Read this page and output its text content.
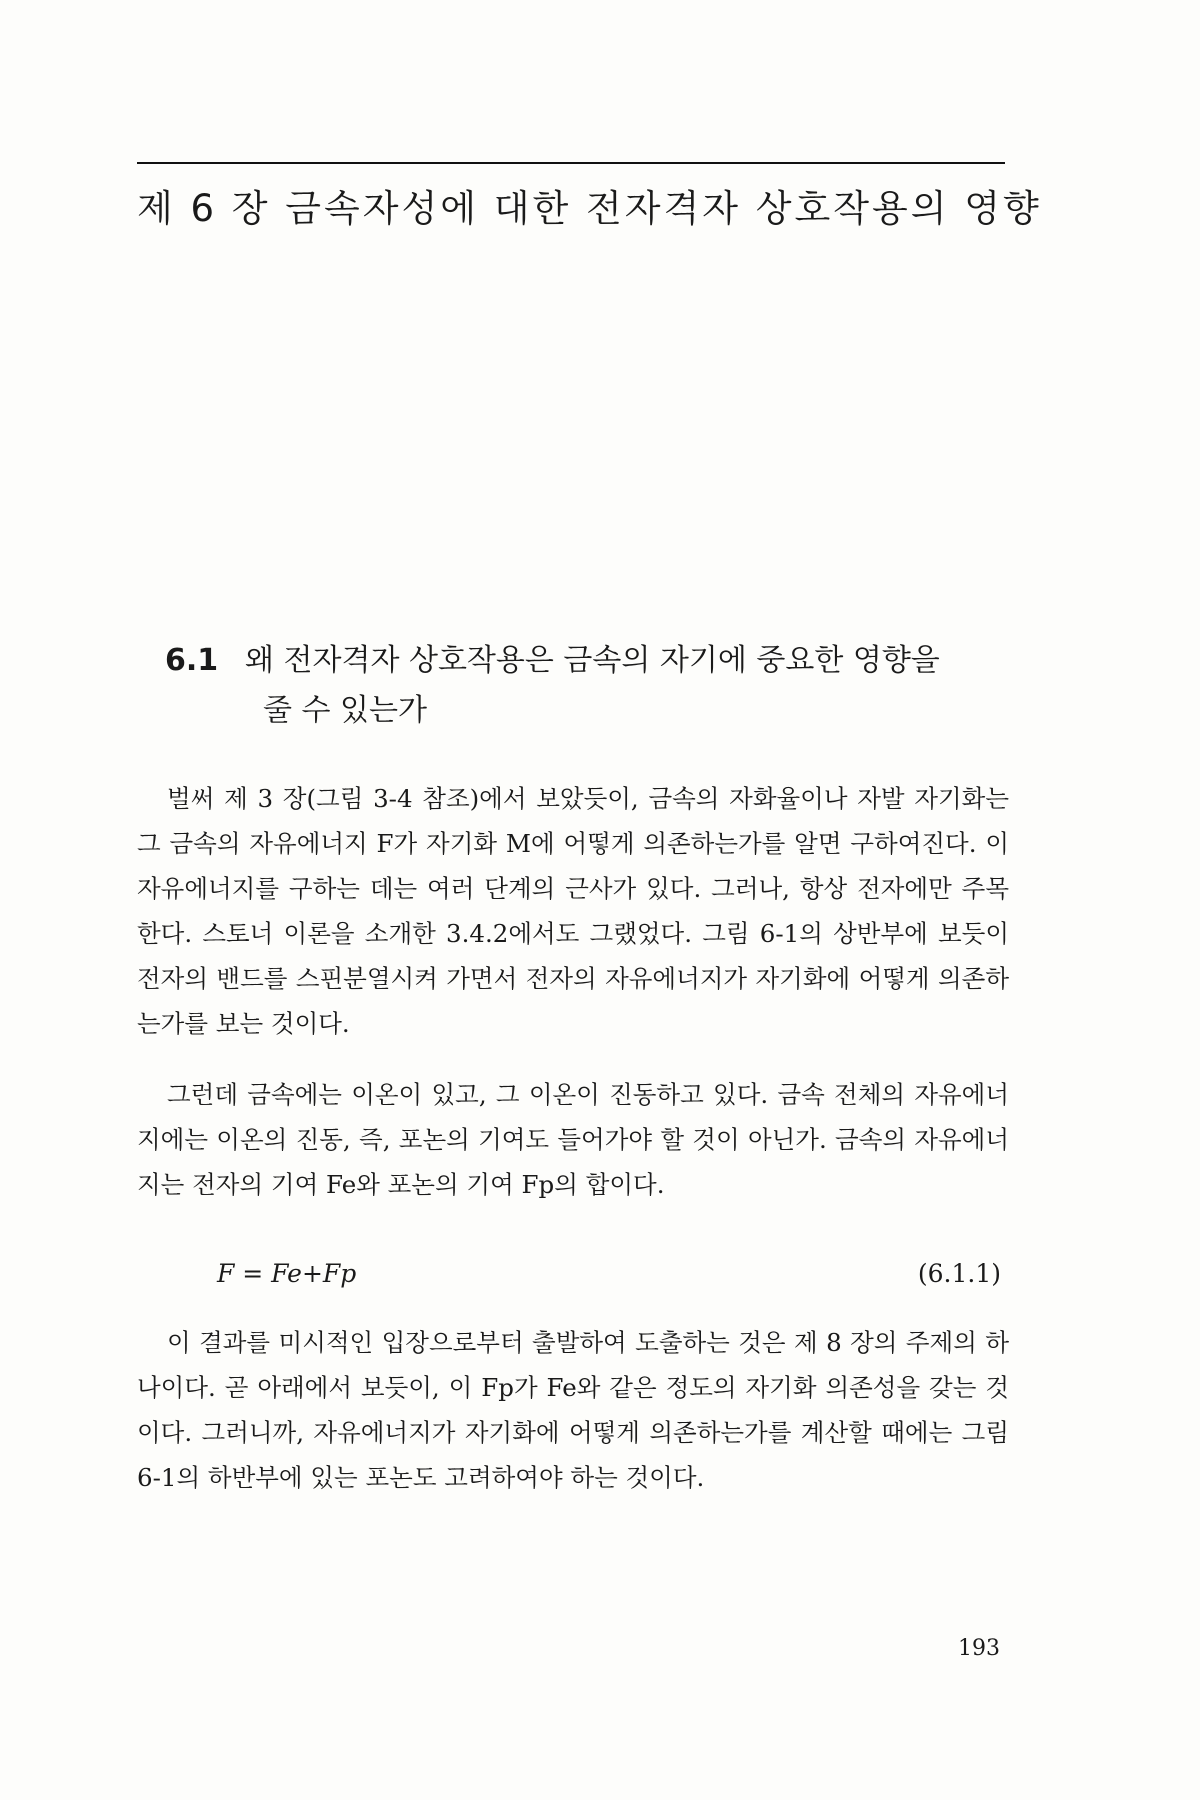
제 6 장 금속자성에 대한 전자격자 상호작용의 영향
6.1 왜 전자격자 상호작용은 금속의 자기에 중요한 영향을
줄 수 있는가

벌써 제 3 장(그림 3-4 참조)에서 보았듯이, 금속의 자화율이나 자발 자기화는 그 금속의 자유에너지 F가 자기화 M에 어떻게 의존하는가를 알면 구하여진다. 이 자유에너지를 구하는 데는 여러 단계의 근사가 있다. 그러나, 항상 전자에만 주목한다. 스토너 이론을 소개한 3.4.2에서도 그랬었다. 그림 6-1의 상반부에 보듯이 전자의 밴드를 스핀분열시켜 가면서 전자의 자유에너지가 자기화에 어떻게 의존하는가를 보는 것이다.

그런데 금속에는 이온이 있고, 그 이온이 진동하고 있다. 금속 전체의 자유에너지에는 이온의 진동, 즉, 포논의 기여도 들어가야 할 것이 아닌가. 금속의 자유에너지는 전자의 기여 Fe와 포논의 기여 Fp의 합이다.

F = Fe+Fp	(6.1.1)

이 결과를 미시적인 입장으로부터 출발하여 도출하는 것은 제 8 장의 주제의 하나이다. 곧 아래에서 보듯이, 이 Fp가 Fe와 같은 정도의 자기화 의존성을 갖는 것이다. 그러니까, 자유에너지가 자기화에 어떻게 의존하는가를 계산할 때에는 그림 6-1의 하반부에 있는 포논도 고려하여야 하는 것이다.

193
